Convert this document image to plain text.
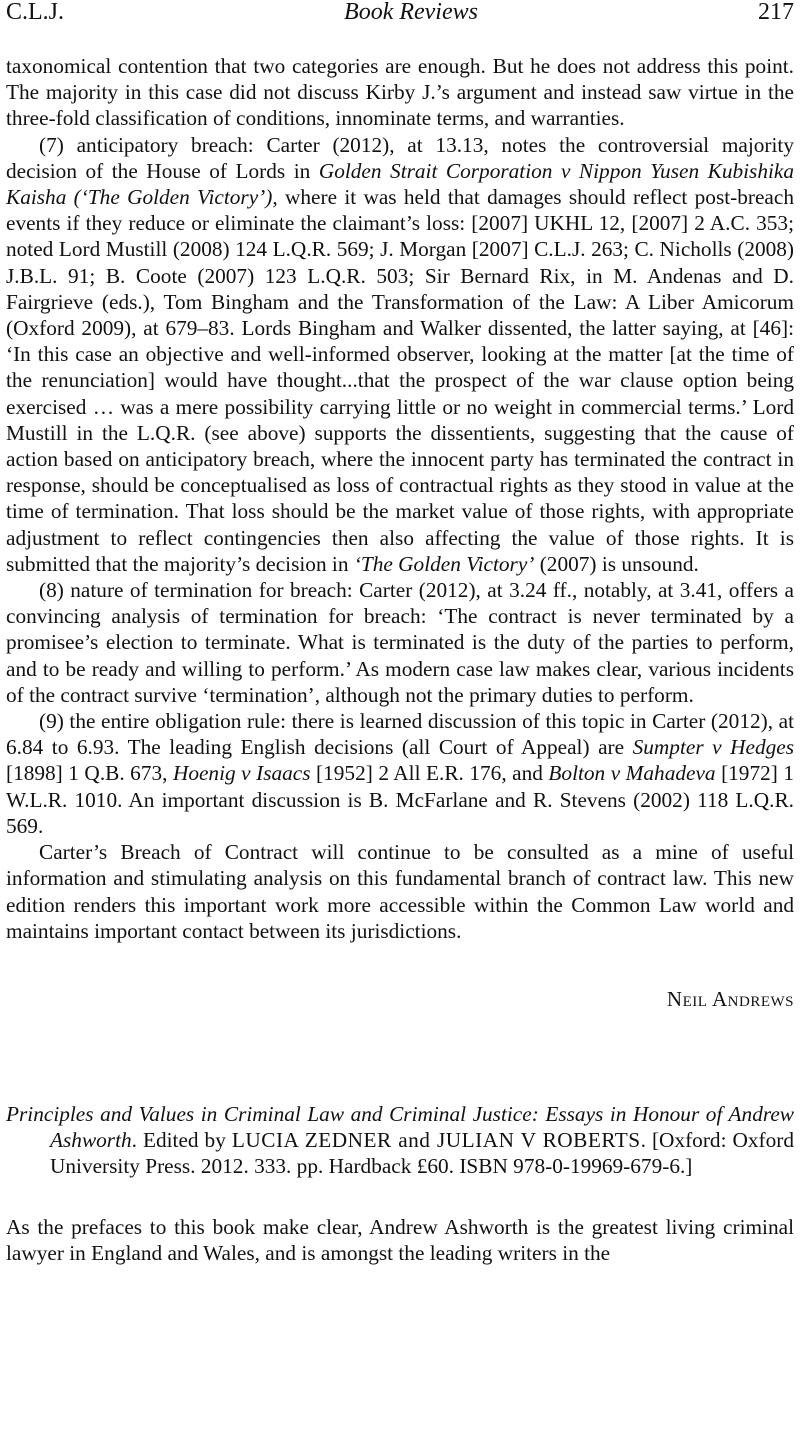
C.L.J.	Book Reviews	217

taxonomical contention that two categories are enough. But he does not address this point. The majority in this case did not discuss Kirby J.’s argument and instead saw virtue in the three-fold classification of conditions, innominate terms, and warranties.

(7) anticipatory breach: Carter (2012), at 13.13, notes the controversial majority decision of the House of Lords in Golden Strait Corporation v Nippon Yusen Kubishika Kaisha (‘The Golden Victory’), where it was held that damages should reflect post-breach events if they reduce or eliminate the claimant’s loss: [2007] UKHL 12, [2007] 2 A.C. 353; noted Lord Mustill (2008) 124 L.Q.R. 569; J. Morgan [2007] C.L.J. 263; C. Nicholls (2008) J.B.L. 91; B. Coote (2007) 123 L.Q.R. 503; Sir Bernard Rix, in M. Andenas and D. Fairgrieve (eds.), Tom Bingham and the Transformation of the Law: A Liber Amicorum (Oxford 2009), at 679–83. Lords Bingham and Walker dissented, the latter saying, at [46]: ‘In this case an objective and well-informed observer, looking at the matter [at the time of the renunciation] would have thought...that the prospect of the war clause option being exercised … was a mere possibility carrying little or no weight in commercial terms.’ Lord Mustill in the L.Q.R. (see above) supports the dissentients, suggesting that the cause of action based on anticipatory breach, where the innocent party has terminated the contract in response, should be conceptualised as loss of contractual rights as they stood in value at the time of termination. That loss should be the market value of those rights, with appropriate adjustment to reflect contingencies then also affecting the value of those rights. It is submitted that the majority’s decision in ‘The Golden Victory’ (2007) is unsound.

(8) nature of termination for breach: Carter (2012), at 3.24 ff., notably, at 3.41, offers a convincing analysis of termination for breach: ‘The contract is never terminated by a promisee’s election to terminate. What is terminated is the duty of the parties to perform, and to be ready and willing to perform.’ As modern case law makes clear, various incidents of the contract survive ‘termination’, although not the primary duties to perform.

(9) the entire obligation rule: there is learned discussion of this topic in Carter (2012), at 6.84 to 6.93. The leading English decisions (all Court of Appeal) are Sumpter v Hedges [1898] 1 Q.B. 673, Hoenig v Isaacs [1952] 2 All E.R. 176, and Bolton v Mahadeva [1972] 1 W.L.R. 1010. An important discussion is B. McFarlane and R. Stevens (2002) 118 L.Q.R. 569.

Carter’s Breach of Contract will continue to be consulted as a mine of useful information and stimulating analysis on this fundamental branch of contract law. This new edition renders this important work more accessible within the Common Law world and maintains important contact between its jurisdictions.

Neil Andrews
Principles and Values in Criminal Law and Criminal Justice: Essays in Honour of Andrew Ashworth. Edited by LUCIA ZEDNER and JULIAN V ROBERTS. [Oxford: Oxford University Press. 2012. 333. pp. Hardback £60. ISBN 978-0-19969-679-6.]

As the prefaces to this book make clear, Andrew Ashworth is the greatest living criminal lawyer in England and Wales, and is amongst the leading writers in the
